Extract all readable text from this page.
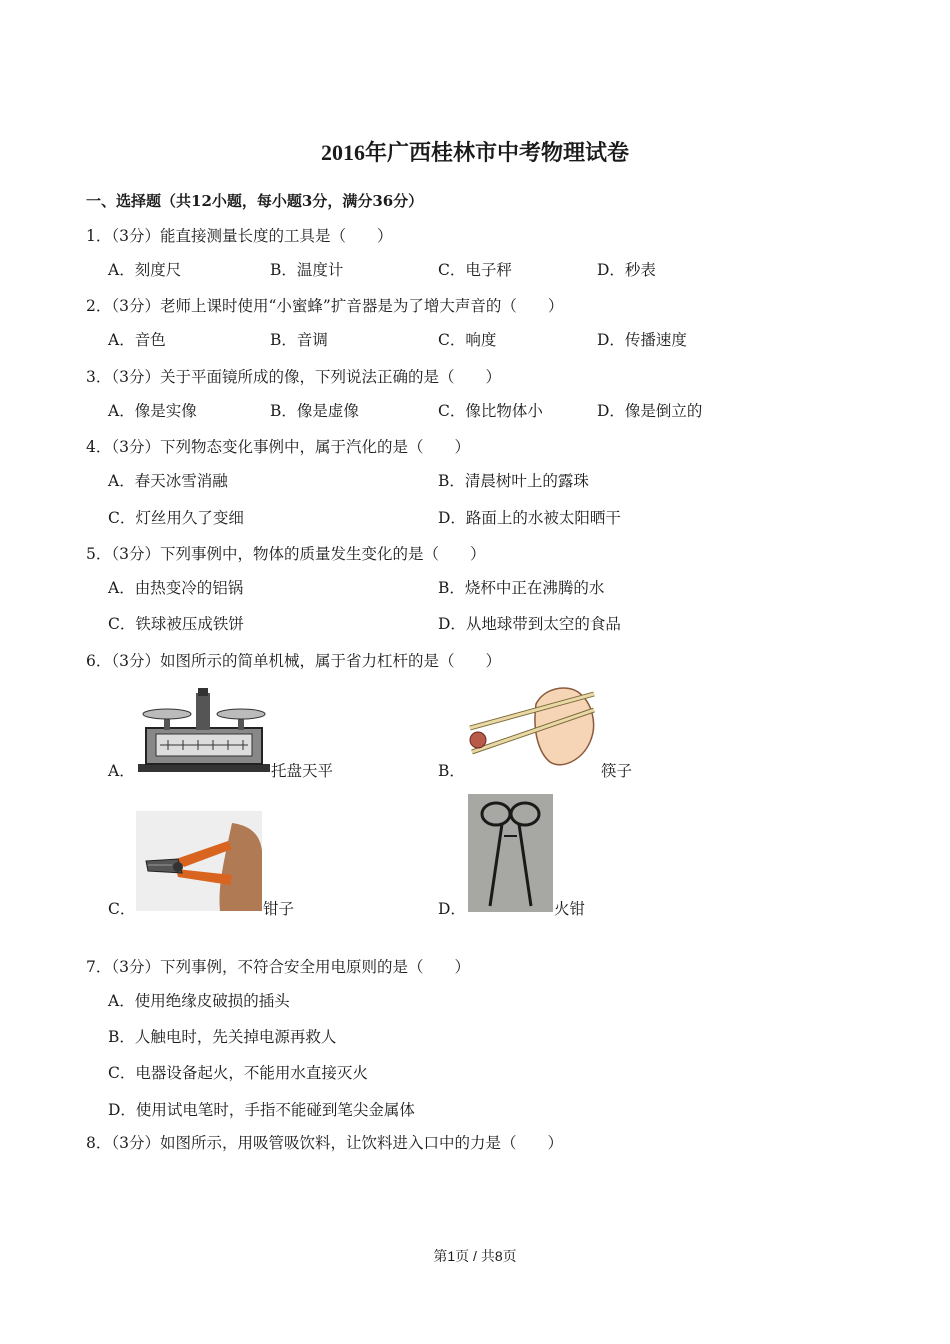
2016年广西桂林市中考物理试卷
一、选择题（共12小题，每小题3分，满分36分）
1．（3分）能直接测量长度的工具是（　　）
A．刻度尺	B．温度计	C．电子秤	D．秒表
2．（3分）老师上课时使用“小蜜蜂”扩音器是为了增大声音的（　　）
A．音色	B．音调	C．响度	D．传播速度
3．（3分）关于平面镜所成的像，下列说法正确的是（　　）
A．像是实像	B．像是虚像	C．像比物体小	D．像是倒立的
4．（3分）下列物态变化事例中，属于汽化的是（　　）
A．春天冰雪消融	B．清晨树叶上的露珠
C．灯丝用久了变细	D．路面上的水被太阳晒干
5．（3分）下列事例中，物体的质量发生变化的是（　　）
A．由热变冷的铝锅	B．烧杯中正在沸腾的水
C．铁球被压成铁饼	D．从地球带到太空的食品
6．（3分）如图所示的简单机械，属于省力杠杆的是（　　）
A．	托盘天平	B．	筷子
C．	钳子	D．	火钳
7．（3分）下列事例，不符合安全用电原则的是（　　）
A．使用绝缘皮破损的插头
B．人触电时，先关掉电源再救人
C．电器设备起火，不能用水直接灭火
D．使用试电笔时，手指不能碰到笔尖金属体
8．（3分）如图所示，用吸管吸饮料，让饮料进入口中的力是（　　）
第1页 / 共8页
